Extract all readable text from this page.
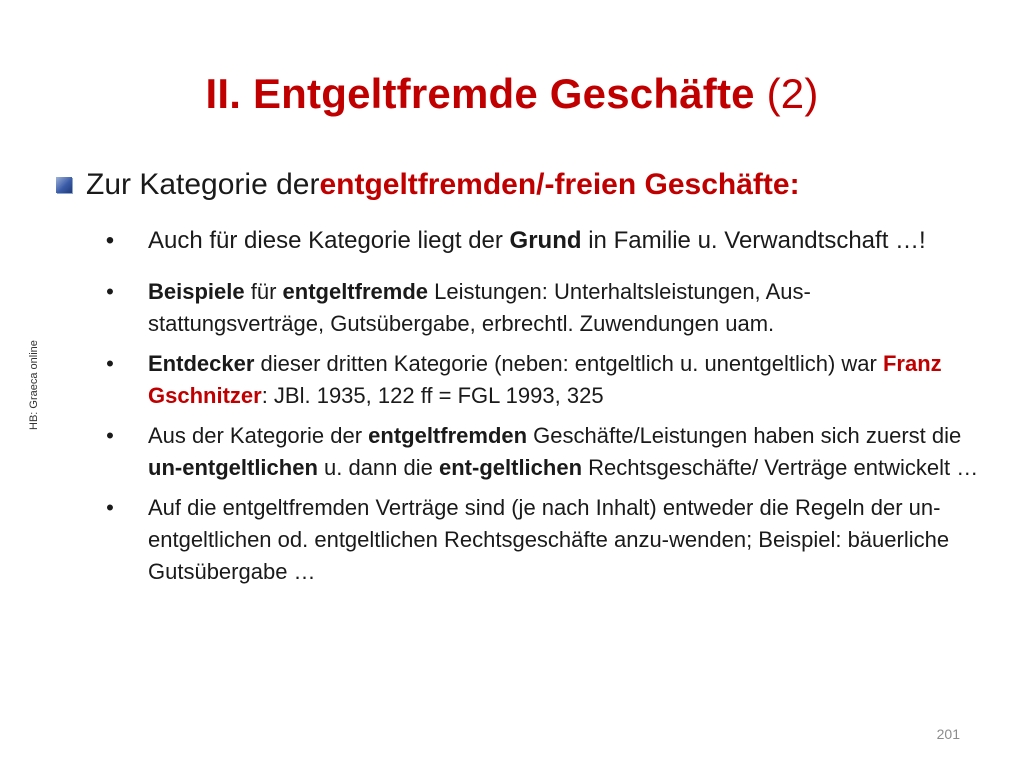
II. Entgeltfremde Geschäfte (2)
Zur Kategorie der entgeltfremden/-freien Geschäfte:
• Auch für diese Kategorie liegt der Grund in Familie u. Verwandtschaft …!
• Beispiele für entgeltfremde Leistungen: Unterhaltsleistungen, Aus-stattungsverträge, Gutsübergabe, erbrechtl. Zuwendungen uam.
• Entdecker dieser dritten Kategorie (neben: entgeltlich u. unentgeltlich) war Franz Gschnitzer: JBl. 1935, 122 ff = FGL 1993, 325
• Aus der Kategorie der entgeltfremden Geschäfte/Leistungen haben sich zuerst die un-entgeltlichen u. dann die ent-geltlichen Rechtsgeschäfte/ Verträge entwickelt …
• Auf die entgeltfremden Verträge sind (je nach Inhalt) entweder die Regeln der un-entgeltlichen od. entgeltlichen Rechtsgeschäfte anzu-wenden; Beispiel: bäuerliche Gutsübergabe …
HB: Graeca online
201
